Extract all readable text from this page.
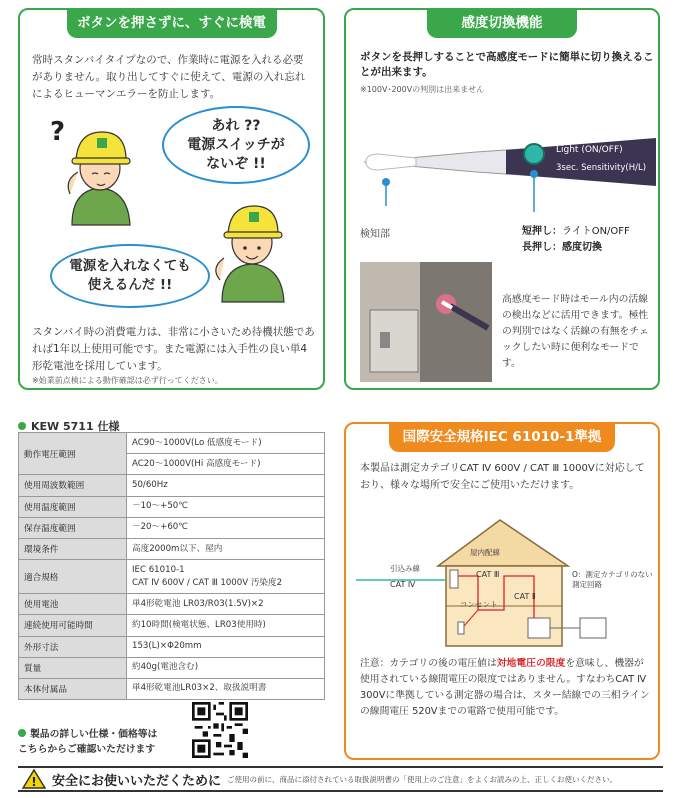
ボタンを押さずに、すぐに検電
常時スタンバイタイプなので、作業時に電源を入れる必要がありません。取り出してすぐに使えて、電源の入れ忘れによるヒューマンエラーを防止します。
?	あれ ??
電源スイッチが
ないぞ !!
電源を入れなくても
使えるんだ !!
スタンバイ時の消費電力は、非常に小さいため待機状態であれば1年以上使用可能です。また電源には入手性の良い単4形乾電池を採用しています。
※始業前点検による動作確認は必ず行ってください。
感度切換機能
ボタンを長押しすることで高感度モードに簡単に切り換えることが出来ます。
※100V･200Vの判別は出来ません
Light (ON/OFF)
3sec. Sensitivity(H/L)
検知部	短押し：ライトON/OFF
長押し：感度切換
高感度モード時はモール内の活線の検出などに活用できます。極性の判別ではなく活線の有無をチェックしたい時に便利なモードです。
KEW 5711 仕様
動作電圧範囲	AC90～1000V(Lo 低感度モード)
	AC20～1000V(Hi 高感度モード)
使用周波数範囲	50/60Hz
使用温度範囲	－10～+50℃
保存温度範囲	－20～+60℃
環境条件	高度2000m以下、屋内
適合規格	IEC 61010-1
CAT Ⅳ 600V / CAT Ⅲ 1000V 汚染度2
使用電池	単4形乾電池 LR03/R03(1.5V)×2
連続使用可能時間	約10時間(検電状態、LR03使用時)
外形寸法	153(L)×Φ20mm
質量	約40g(電池含む)
本体付属品	単4形乾電池LR03×2、取扱説明書

製品の詳しい仕様・価格等は
こちらからご確認いただけます

国際安全規格IEC 61010-1準拠
本製品は測定カテゴリCAT Ⅳ 600V / CAT Ⅲ 1000Vに対応しており、様々な場所で安全にご使用いただけます。
引込み線
CAT Ⅳ
屋内配線
CAT Ⅲ
CAT Ⅱ
コンセント
O：測定カテゴリのない
測定回路
注意：カテゴリの後の電圧値は対地電圧の限度を意味し、機器が使用されている線間電圧の限度ではありません。すなわちCAT Ⅳ 300Vに準拠している測定器の場合は、スター結線での三相ラインの線間電圧 520Vまでの電路で使用可能です。
! 安全にお使いいただくために ご使用の前に、商品に添付されている取扱説明書の「使用上のご注意」をよくお読みの上、正しくお使いください。
